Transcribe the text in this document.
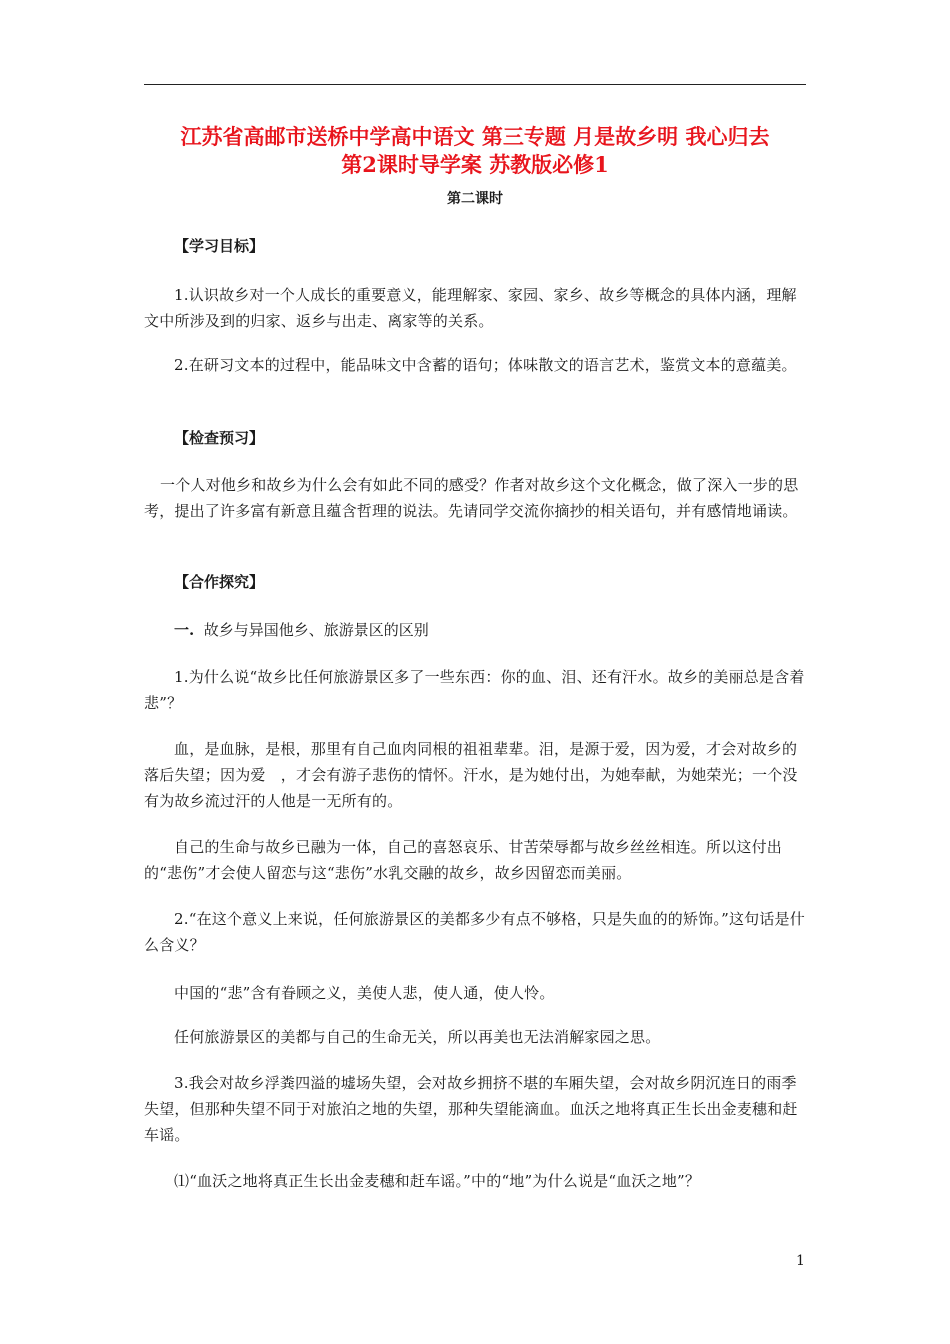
江苏省高邮市送桥中学高中语文 第三专题 月是故乡明 我心归去
第2课时导学案 苏教版必修1
第二课时
【学习目标】

1.认识故乡对一个人成长的重要意义，能理解家、家园、家乡、故乡等概念的具体内涵，理解文中所涉及到的归家、返乡与出走、离家等的关系。

2.在研习文本的过程中，能品味文中含蓄的语句；体味散文的语言艺术，鉴赏文本的意蕴美。

【检查预习】

一个人对他乡和故乡为什么会有如此不同的感受？作者对故乡这个文化概念，做了深入一步的思考，提出了许多富有新意且蕴含哲理的说法。先请同学交流你摘抄的相关语句，并有感情地诵读。

【合作探究】
一. 故乡与异国他乡、旅游景区的区别

1.为什么说“故乡比任何旅游景区多了一些东西：你的血、泪、还有汗水。故乡的美丽总是含着悲”？

血，是血脉，是根，那里有自己血肉同根的祖祖辈辈。泪，是源于爱，因为爱，才会对故乡的落后失望；因为爱　，才会有游子悲伤的情怀。汗水，是为她付出，为她奉献，为她荣光；一个没有为故乡流过汗的人他是一无所有的。

自己的生命与故乡已融为一体，自己的喜怒哀乐、甘苦荣辱都与故乡丝丝相连。所以这付出的“悲伤”才会使人留恋与这“悲伤”水乳交融的故乡，故乡因留恋而美丽。

2.“在这个意义上来说，任何旅游景区的美都多少有点不够格，只是失血的的矫饰。”这句话是什么含义？

中国的“悲”含有眷顾之义，美使人悲，使人通，使人怜。

任何旅游景区的美都与自己的生命无关，所以再美也无法消解家园之思。

3.我会对故乡浮粪四溢的墟场失望，会对故乡拥挤不堪的车厢失望，会对故乡阴沉连日的雨季失望，但那种失望不同于对旅泊之地的失望，那种失望能滴血。血沃之地将真正生长出金麦穗和赶车谣。

⑴“血沃之地将真正生长出金麦穗和赶车谣。”中的“地”为什么说是“血沃之地”？

1
